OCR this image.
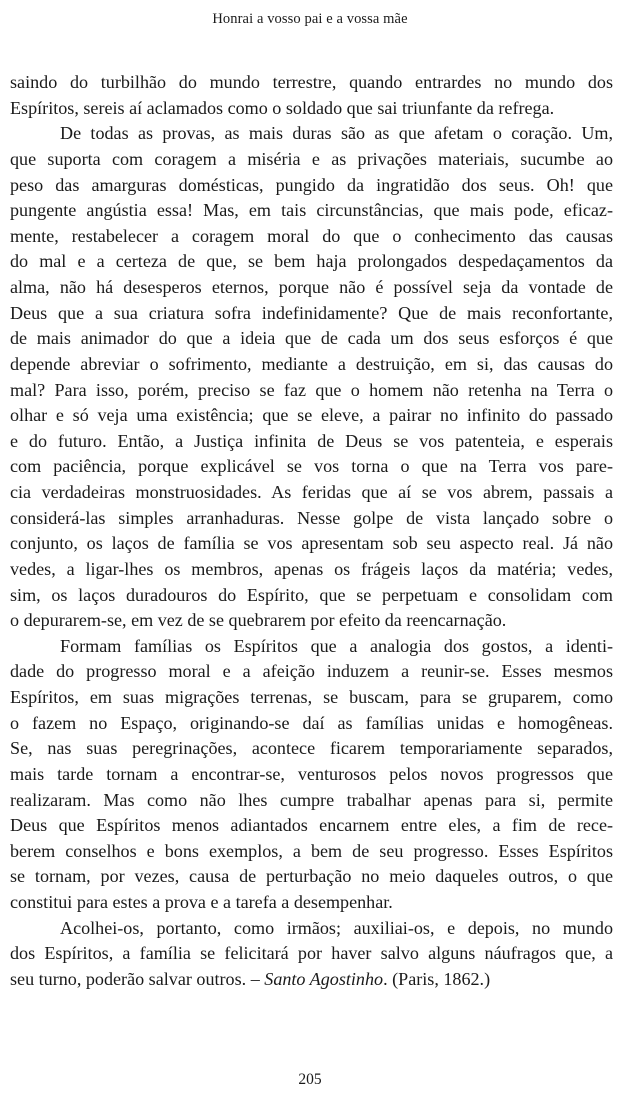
Honrai a vosso pai e a vossa mãe

saindo do turbilhão do mundo terrestre, quando entrardes no mundo dos
Espíritos, sereis aí aclamados como o soldado que sai triunfante da refrega.

De todas as provas, as mais duras são as que afetam o coração. Um,
que suporta com coragem a miséria e as privações materiais, sucumbe ao
peso das amarguras domésticas, pungido da ingratidão dos seus. Oh! que
pungente angústia essa! Mas, em tais circunstâncias, que mais pode, eficaz-
mente, restabelecer a coragem moral do que o conhecimento das causas
do mal e a certeza de que, se bem haja prolongados despedaçamentos da
alma, não há desesperos eternos, porque não é possível seja da vontade de
Deus que a sua criatura sofra indefinidamente? Que de mais reconfortante,
de mais animador do que a ideia que de cada um dos seus esforços é que
depende abreviar o sofrimento, mediante a destruição, em si, das causas do
mal? Para isso, porém, preciso se faz que o homem não retenha na Terra o
olhar e só veja uma existência; que se eleve, a pairar no infinito do passado
e do futuro. Então, a Justiça infinita de Deus se vos patenteia, e esperais
com paciência, porque explicável se vos torna o que na Terra vos pare-
cia verdadeiras monstruosidades. As feridas que aí se vos abrem, passais a
considerá-las simples arranhaduras. Nesse golpe de vista lançado sobre o
conjunto, os laços de família se vos apresentam sob seu aspecto real. Já não
vedes, a ligar-lhes os membros, apenas os frágeis laços da matéria; vedes,
sim, os laços duradouros do Espírito, que se perpetuam e consolidam com
o depurarem-se, em vez de se quebrarem por efeito da reencarnação.

Formam famílias os Espíritos que a analogia dos gostos, a identi-
dade do progresso moral e a afeição induzem a reunir-se. Esses mesmos
Espíritos, em suas migrações terrenas, se buscam, para se gruparem, como
o fazem no Espaço, originando-se daí as famílias unidas e homogêneas.
Se, nas suas peregrinações, acontece ficarem temporariamente separados,
mais tarde tornam a encontrar-se, venturosos pelos novos progressos que
realizaram. Mas como não lhes cumpre trabalhar apenas para si, permite
Deus que Espíritos menos adiantados encarnem entre eles, a fim de rece-
berem conselhos e bons exemplos, a bem de seu progresso. Esses Espíritos
se tornam, por vezes, causa de perturbação no meio daqueles outros, o que
constitui para estes a prova e a tarefa a desempenhar.

Acolhei-os, portanto, como irmãos; auxiliai-os, e depois, no mundo
dos Espíritos, a família se felicitará por haver salvo alguns náufragos que, a
seu turno, poderão salvar outros. – Santo Agostinho. (Paris, 1862.)

205
